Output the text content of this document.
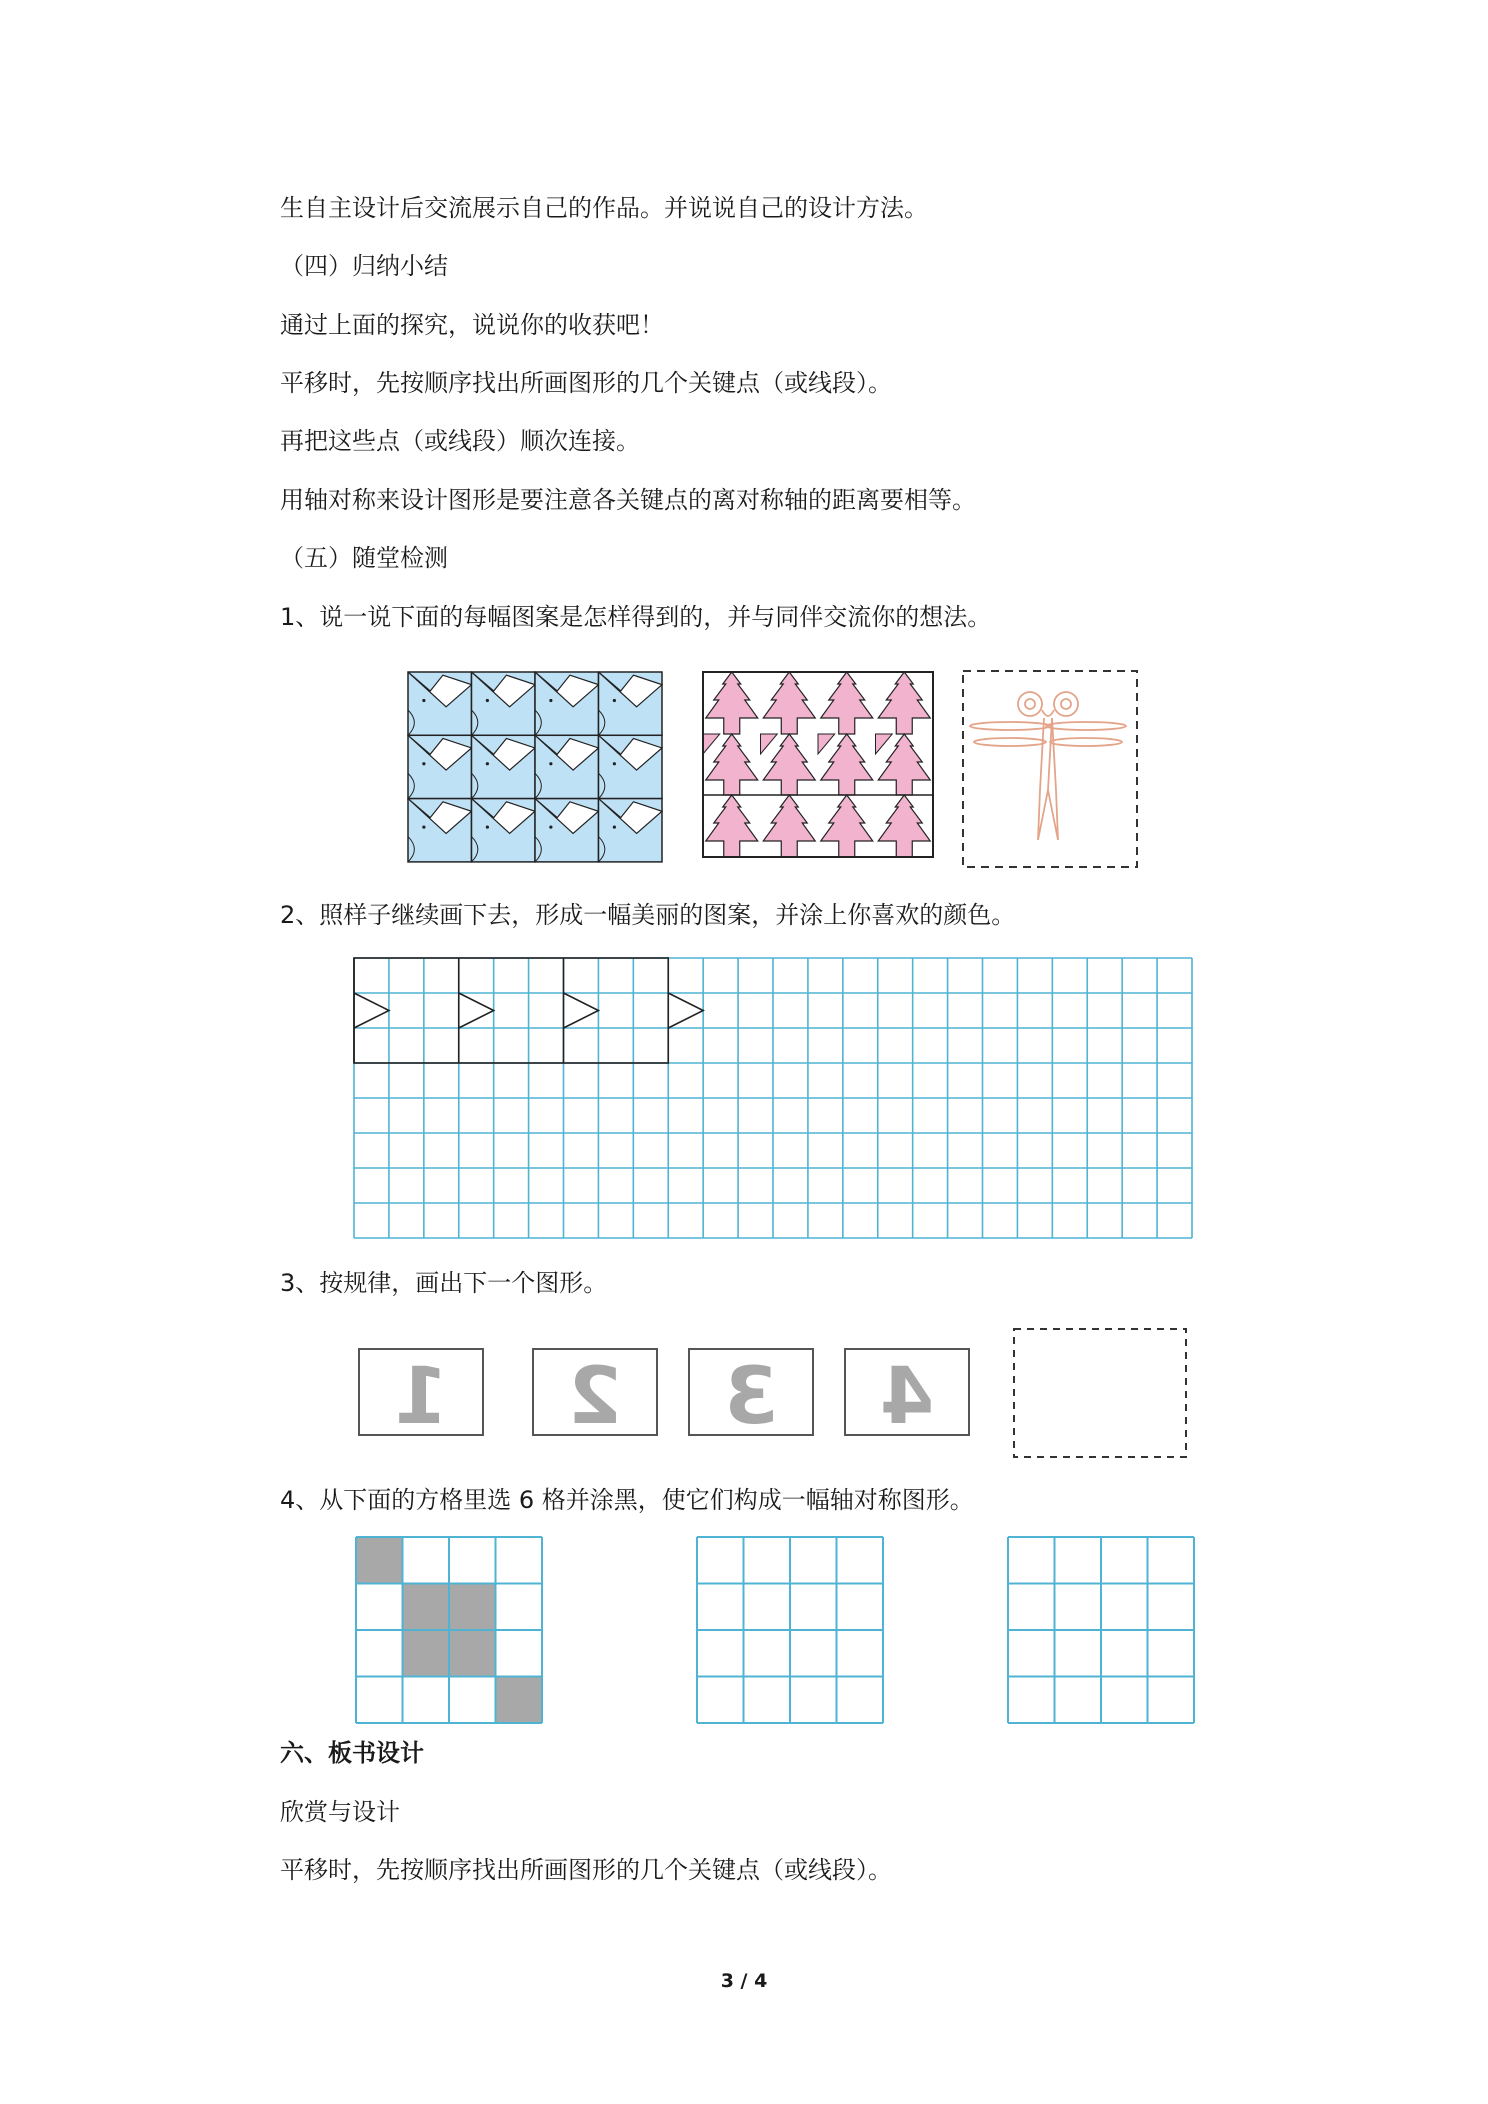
生自主设计后交流展示自己的作品。并说说自己的设计方法。
（四）归纳小结
通过上面的探究，说说你的收获吧！
平移时，先按顺序找出所画图形的几个关键点（或线段）。
再把这些点（或线段）顺次连接。
用轴对称来设计图形是要注意各关键点的离对称轴的距离要相等。
（五）随堂检测
1、说一说下面的每幅图案是怎样得到的，并与同伴交流你的想法。
2、照样子继续画下去，形成一幅美丽的图案，并涂上你喜欢的颜色。
3、按规律，画出下一个图形。
4、从下面的方格里选 6 格并涂黑，使它们构成一幅轴对称图形。
六、板书设计
欣赏与设计
平移时，先按顺序找出所画图形的几个关键点（或线段）。
3 / 4
1 2 3 4
